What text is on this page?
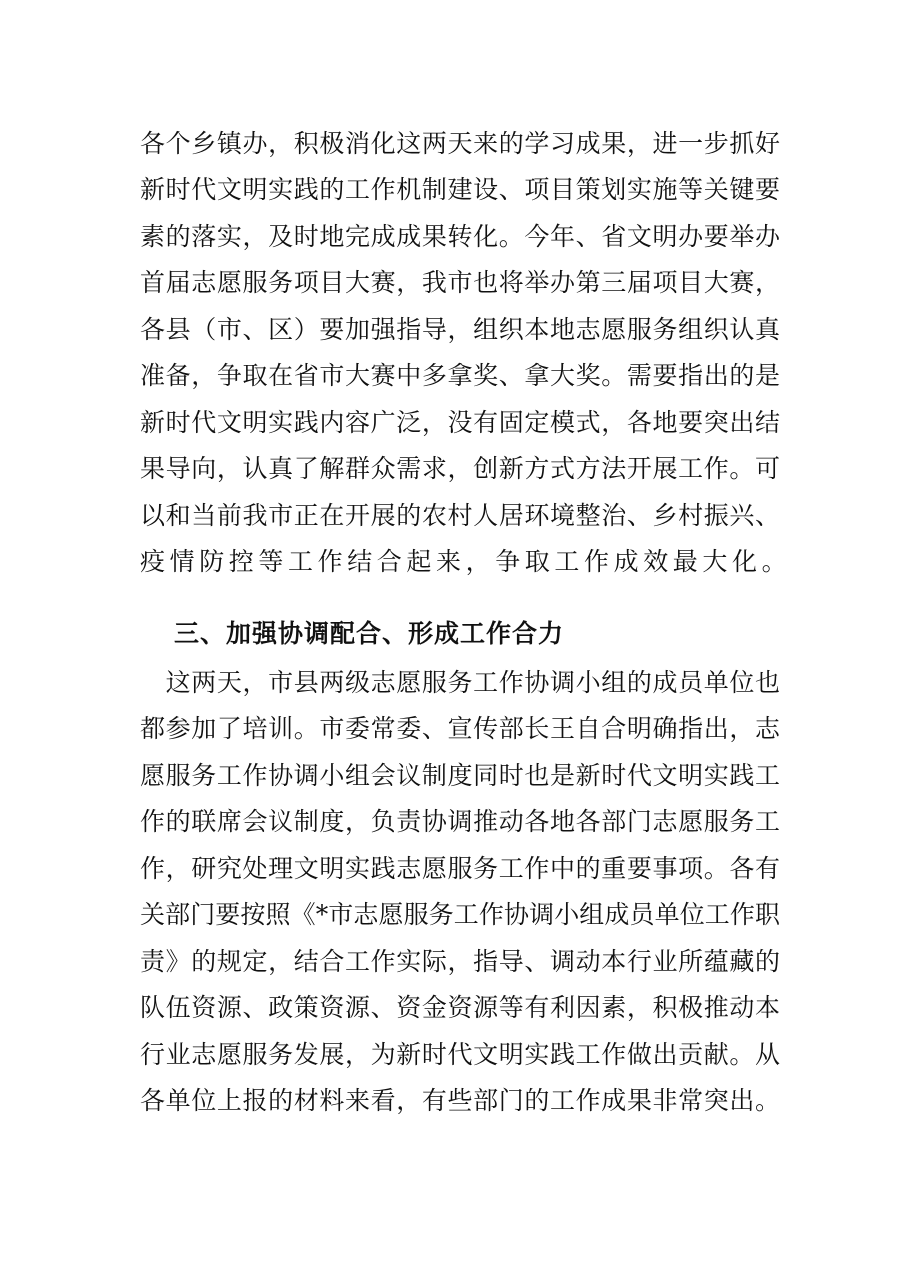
各个乡镇办，积极消化这两天来的学习成果，进一步抓好
新时代文明实践的工作机制建设、项目策划实施等关键要
素的落实，及时地完成成果转化。今年、省文明办要举办
首届志愿服务项目大赛，我市也将举办第三届项目大赛，
各县（市、区）要加强指导，组织本地志愿服务组织认真
准备，争取在省市大赛中多拿奖、拿大奖。需要指出的是
新时代文明实践内容广泛，没有固定模式，各地要突出结
果导向，认真了解群众需求，创新方式方法开展工作。可
以和当前我市正在开展的农村人居环境整治、乡村振兴、
疫情防控等工作结合起来，争取工作成效最大化。
三、加强协调配合、形成工作合力
　这两天，市县两级志愿服务工作协调小组的成员单位也
都参加了培训。市委常委、宣传部长王自合明确指出，志
愿服务工作协调小组会议制度同时也是新时代文明实践工
作的联席会议制度，负责协调推动各地各部门志愿服务工
作，研究处理文明实践志愿服务工作中的重要事项。各有
关部门要按照《*市志愿服务工作协调小组成员单位工作职
责》的规定，结合工作实际，指导、调动本行业所蕴藏的
队伍资源、政策资源、资金资源等有利因素，积极推动本
行业志愿服务发展，为新时代文明实践工作做出贡献。从
各单位上报的材料来看，有些部门的工作成果非常突出。
